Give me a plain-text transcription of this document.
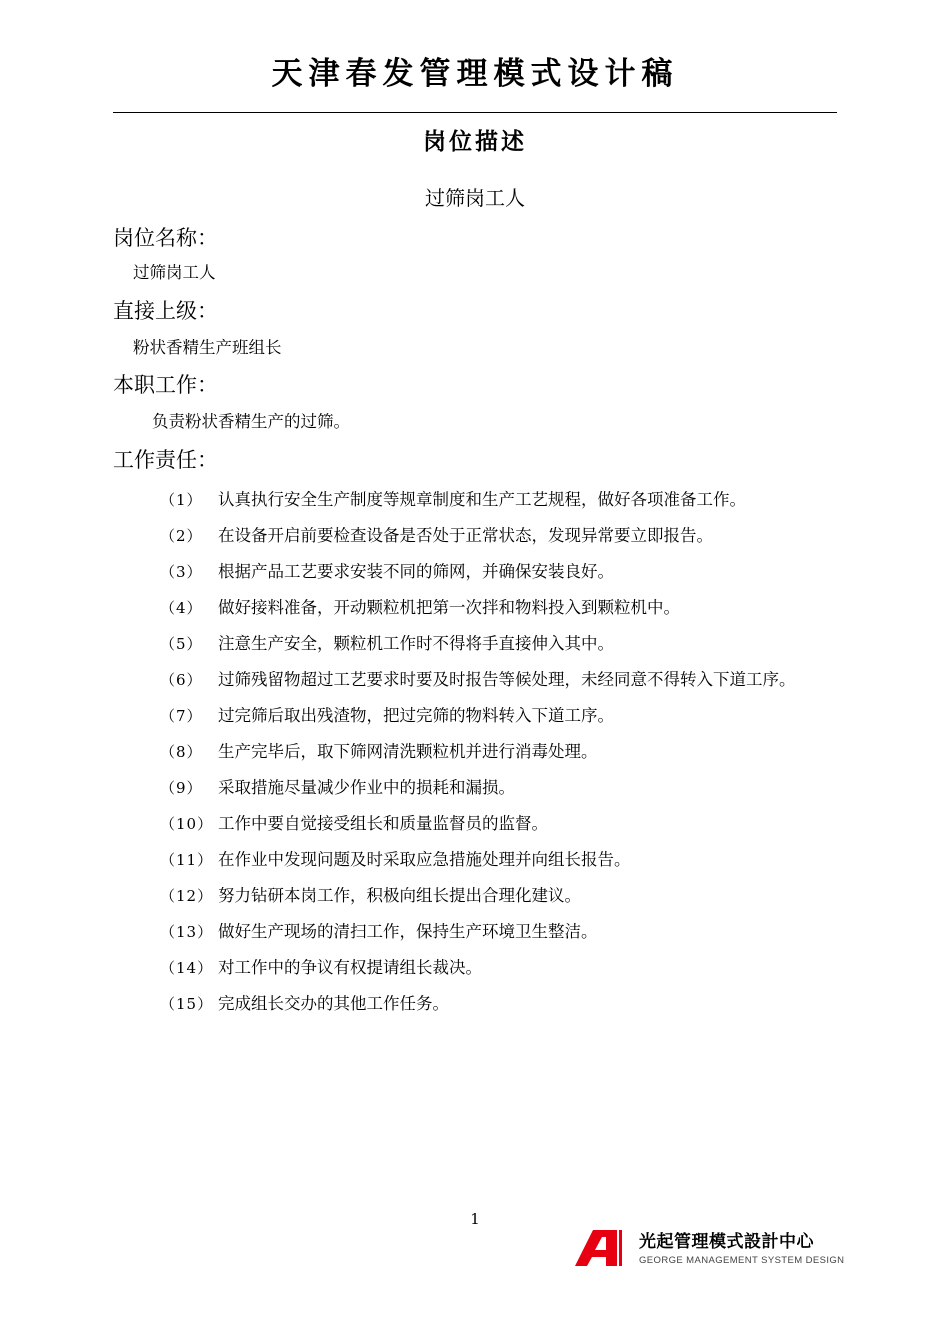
天津春发管理模式设计稿
岗位描述
过筛岗工人
岗位名称：
过筛岗工人
直接上级：
粉状香精生产班组长
本职工作：
负责粉状香精生产的过筛。
工作责任：
（1） 认真执行安全生产制度等规章制度和生产工艺规程，做好各项准备工作。
（2） 在设备开启前要检查设备是否处于正常状态，发现异常要立即报告。
（3） 根据产品工艺要求安装不同的筛网，并确保安装良好。
（4） 做好接料准备，开动颗粒机把第一次拌和物料投入到颗粒机中。
（5） 注意生产安全，颗粒机工作时不得将手直接伸入其中。
（6） 过筛残留物超过工艺要求时要及时报告等候处理，未经同意不得转入下道工序。
（7） 过完筛后取出残渣物，把过完筛的物料转入下道工序。
（8） 生产完毕后，取下筛网清洗颗粒机并进行消毒处理。
（9） 采取措施尽量减少作业中的损耗和漏损。
（10） 工作中要自觉接受组长和质量监督员的监督。
（11） 在作业中发现问题及时采取应急措施处理并向组长报告。
（12） 努力钻研本岗工作，积极向组长提出合理化建议。
（13） 做好生产现场的清扫工作，保持生产环境卫生整洁。
（14） 对工作中的争议有权提请组长裁决。
（15） 完成组长交办的其他工作任务。
1
光起管理模式設計中心
GEORGE MANAGEMENT SYSTEM DESIGN
